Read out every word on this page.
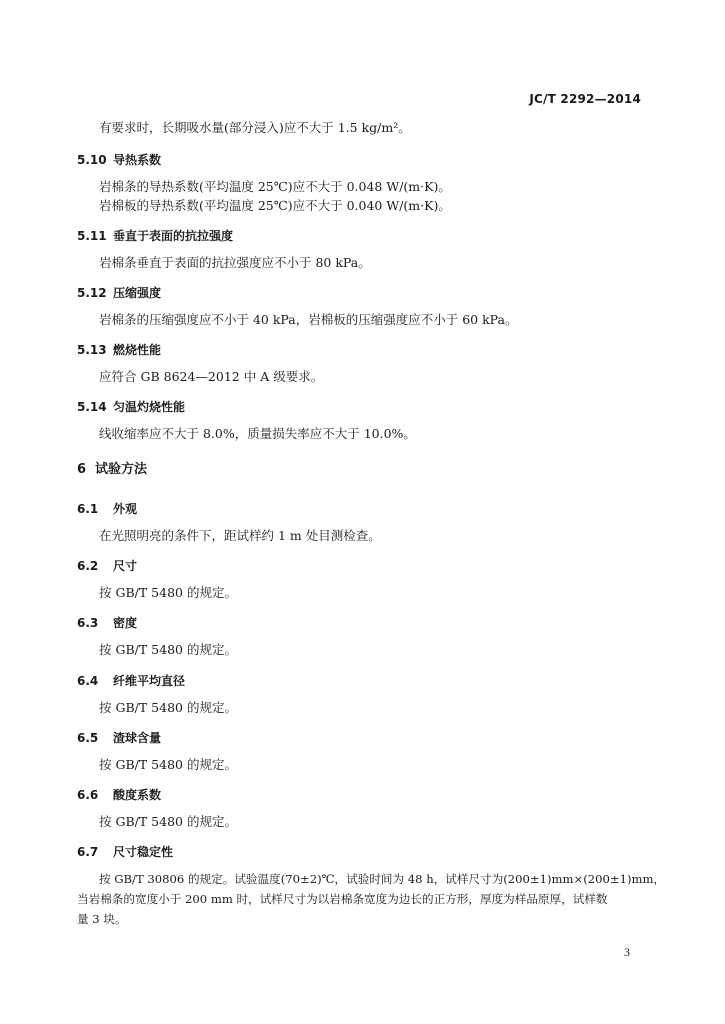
JC/T 2292—2014
有要求时，长期吸水量(部分浸入)应不大于 1.5 kg/m²。
5.10 导热系数
岩棉条的导热系数(平均温度 25℃)应不大于 0.048 W/(m·K)。
岩棉板的导热系数(平均温度 25℃)应不大于 0.040 W/(m·K)。
5.11 垂直于表面的抗拉强度
岩棉条垂直于表面的抗拉强度应不小于 80 kPa。
5.12 压缩强度
岩棉条的压缩强度应不小于 40 kPa，岩棉板的压缩强度应不小于 60 kPa。
5.13 燃烧性能
应符合 GB 8624—2012 中 A 级要求。
5.14 匀温灼烧性能
线收缩率应不大于 8.0%，质量损失率应不大于 10.0%。
6 试验方法
6.1 外观
在光照明亮的条件下，距试样约 1 m 处目测检查。
6.2 尺寸
按 GB/T 5480 的规定。
6.3 密度
按 GB/T 5480 的规定。
6.4 纤维平均直径
按 GB/T 5480 的规定。
6.5 渣球含量
按 GB/T 5480 的规定。
6.6 酸度系数
按 GB/T 5480 的规定。
6.7 尺寸稳定性
按 GB/T 30806 的规定。试验温度(70±2)℃，试验时间为 48 h，试样尺寸为(200±1)mm×(200±1)mm，
当岩棉条的宽度小于 200 mm 时，试样尺寸为以岩棉条宽度为边长的正方形，厚度为样品原厚，试样数
量 3 块。
3
